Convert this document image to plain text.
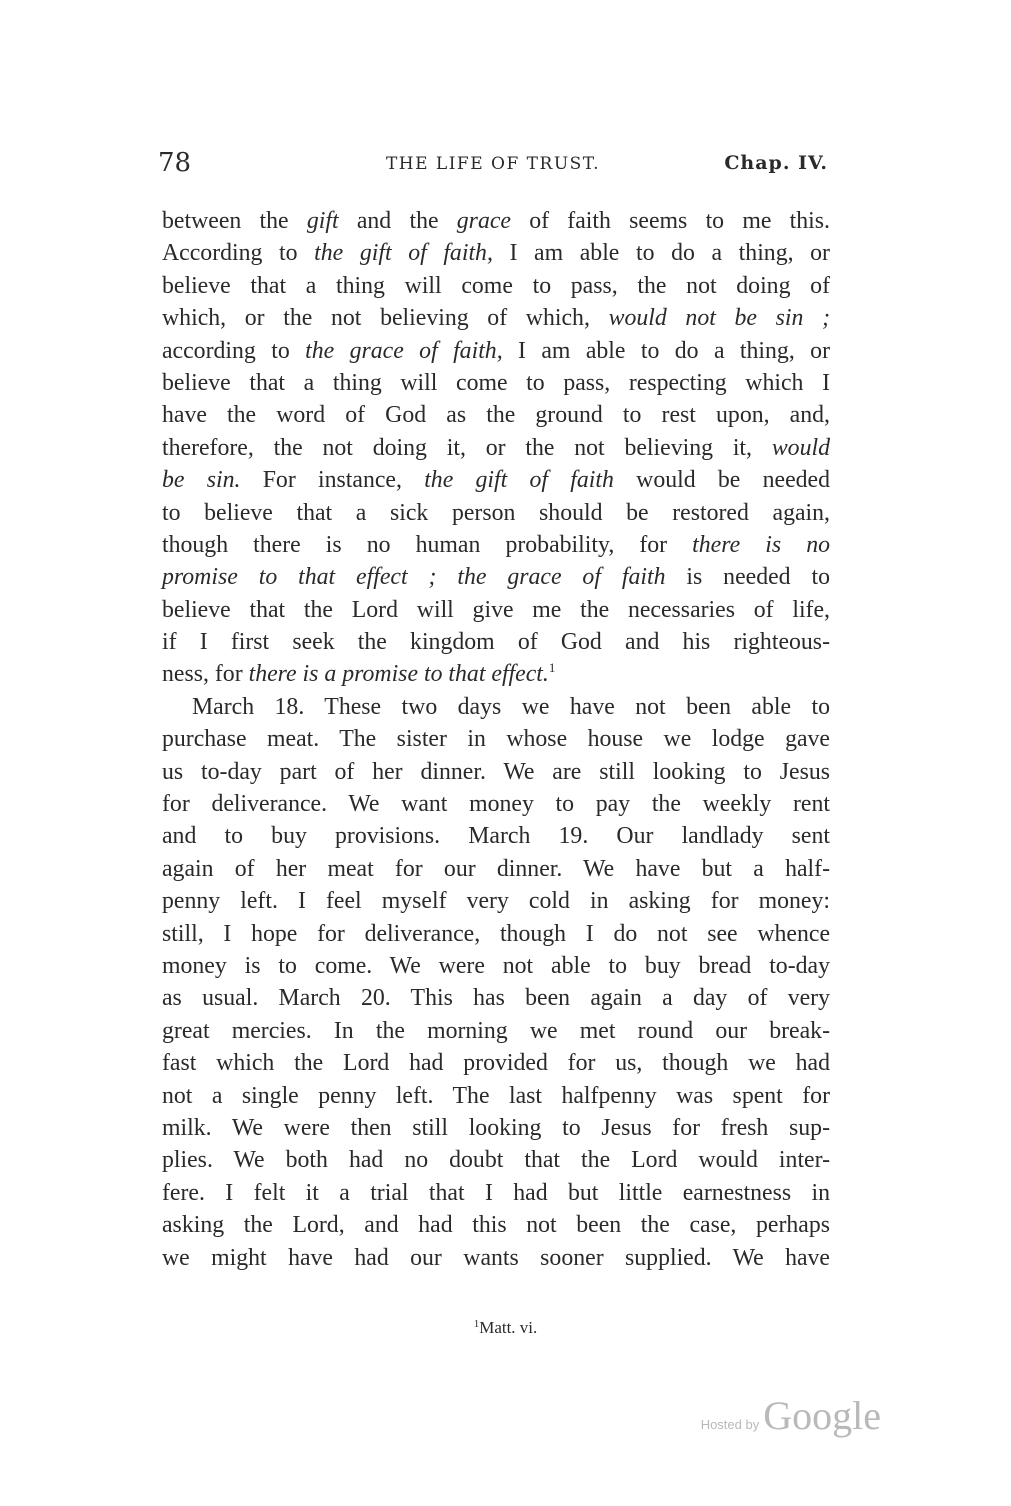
78	THE LIFE OF TRUST.	Chap. IV.
between the gift and the grace of faith seems to me this.
According to the gift of faith, I am able to do a thing, or
believe that a thing will come to pass, the not doing of
which, or the not believing of which, would not be sin ;
according to the grace of faith, I am able to do a thing, or
believe that a thing will come to pass, respecting which I
have the word of God as the ground to rest upon, and,
therefore, the not doing it, or the not believing it, would
be sin. For instance, the gift of faith would be needed
to believe that a sick person should be restored again,
though there is no human probability, for there is no
promise to that effect ; the grace of faith is needed to
believe that the Lord will give me the necessaries of life,
if I first seek the kingdom of God and his righteous-
ness, for there is a promise to that effect.$^1$
March 18. These two days we have not been able to
purchase meat. The sister in whose house we lodge gave
us to-day part of her dinner. We are still looking to Jesus
for deliverance. We want money to pay the weekly rent
and to buy provisions. March 19. Our landlady sent
again of her meat for our dinner. We have but a half-
penny left. I feel myself very cold in asking for money:
still, I hope for deliverance, though I do not see whence
money is to come. We were not able to buy bread to-day
as usual. March 20. This has been again a day of very
great mercies. In the morning we met round our break-
fast which the Lord had provided for us, though we had
not a single penny left. The last halfpenny was spent for
milk. We were then still looking to Jesus for fresh sup-
plies. We both had no doubt that the Lord would inter-
fere. I felt it a trial that I had but little earnestness in
asking the Lord, and had this not been the case, perhaps
we might have had our wants sooner supplied. We have
$^1$Matt. vi.
Hosted by Google
